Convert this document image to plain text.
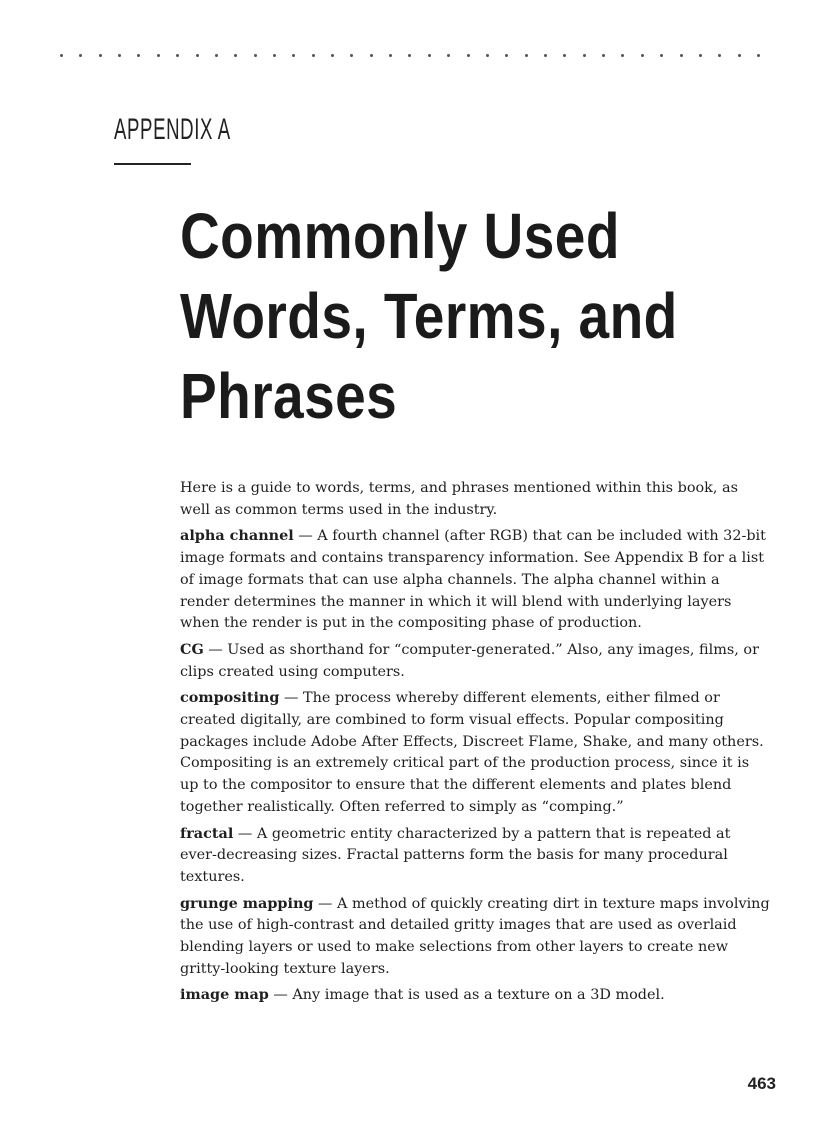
APPENDIX A
Commonly Used
Words, Terms, and
Phrases

Here is a guide to words, terms, and phrases mentioned within this book, as well as common terms used in the industry.

alpha channel — A fourth channel (after RGB) that can be included with 32-bit image formats and contains transparency information. See Appendix B for a list of image formats that can use alpha channels. The alpha channel within a render determines the manner in which it will blend with underlying layers when the render is put in the compositing phase of production.

CG — Used as shorthand for “computer-generated.” Also, any images, films, or clips created using computers.

compositing — The process whereby different elements, either filmed or created digitally, are combined to form visual effects. Popular compositing packages include Adobe After Effects, Discreet Flame, Shake, and many others. Compositing is an extremely critical part of the production process, since it is up to the compositor to ensure that the different elements and plates blend together realistically. Often referred to simply as “comping.”

fractal — A geometric entity characterized by a pattern that is repeated at ever-decreasing sizes. Fractal patterns form the basis for many procedural textures.

grunge mapping — A method of quickly creating dirt in texture maps involving the use of high-contrast and detailed gritty images that are used as overlaid blending layers or used to make selections from other layers to create new gritty-looking texture layers.

image map — Any image that is used as a texture on a 3D model.

463
